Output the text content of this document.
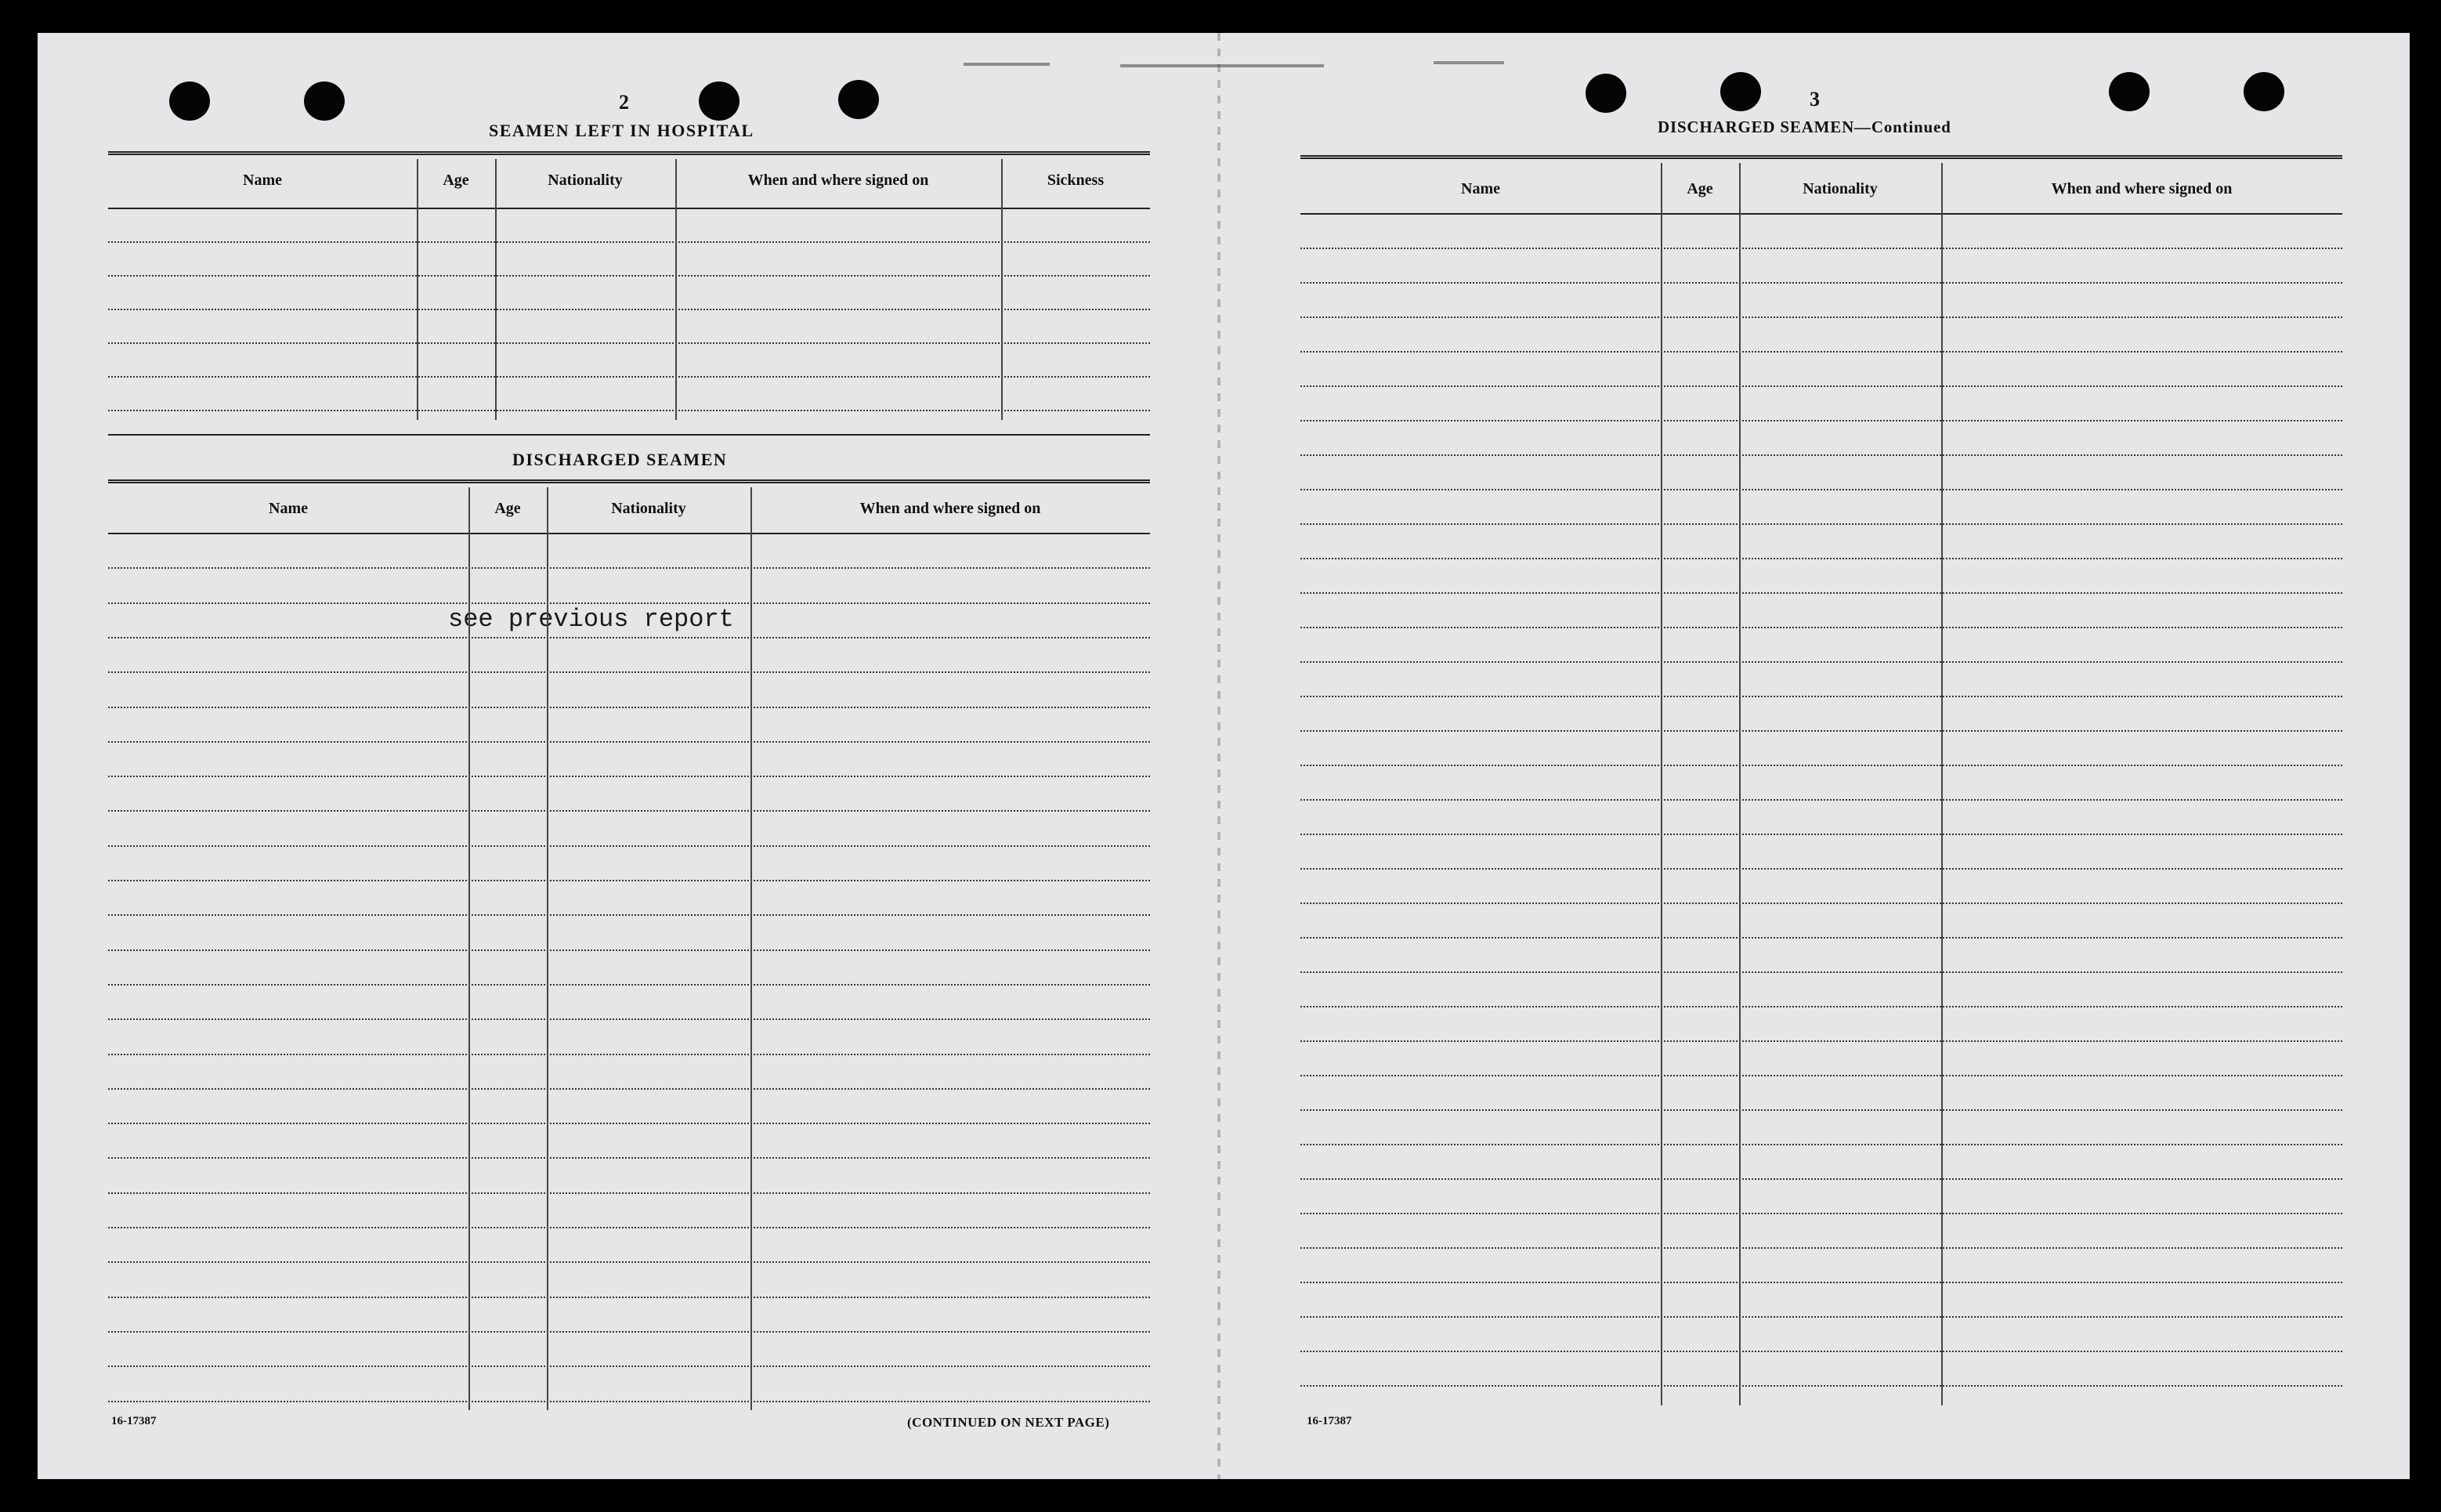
2
SEAMEN LEFT IN HOSPITAL
DISCHARGED SEAMEN
see previous report
16-17387	(CONTINUED ON NEXT PAGE)
3
DISCHARGED SEAMEN—Continued
16-17387
Name	Age	Nationality	When and where signed on	Sickness
Name	Age	Nationality	When and where signed on
Name	Age	Nationality	When and where signed on
